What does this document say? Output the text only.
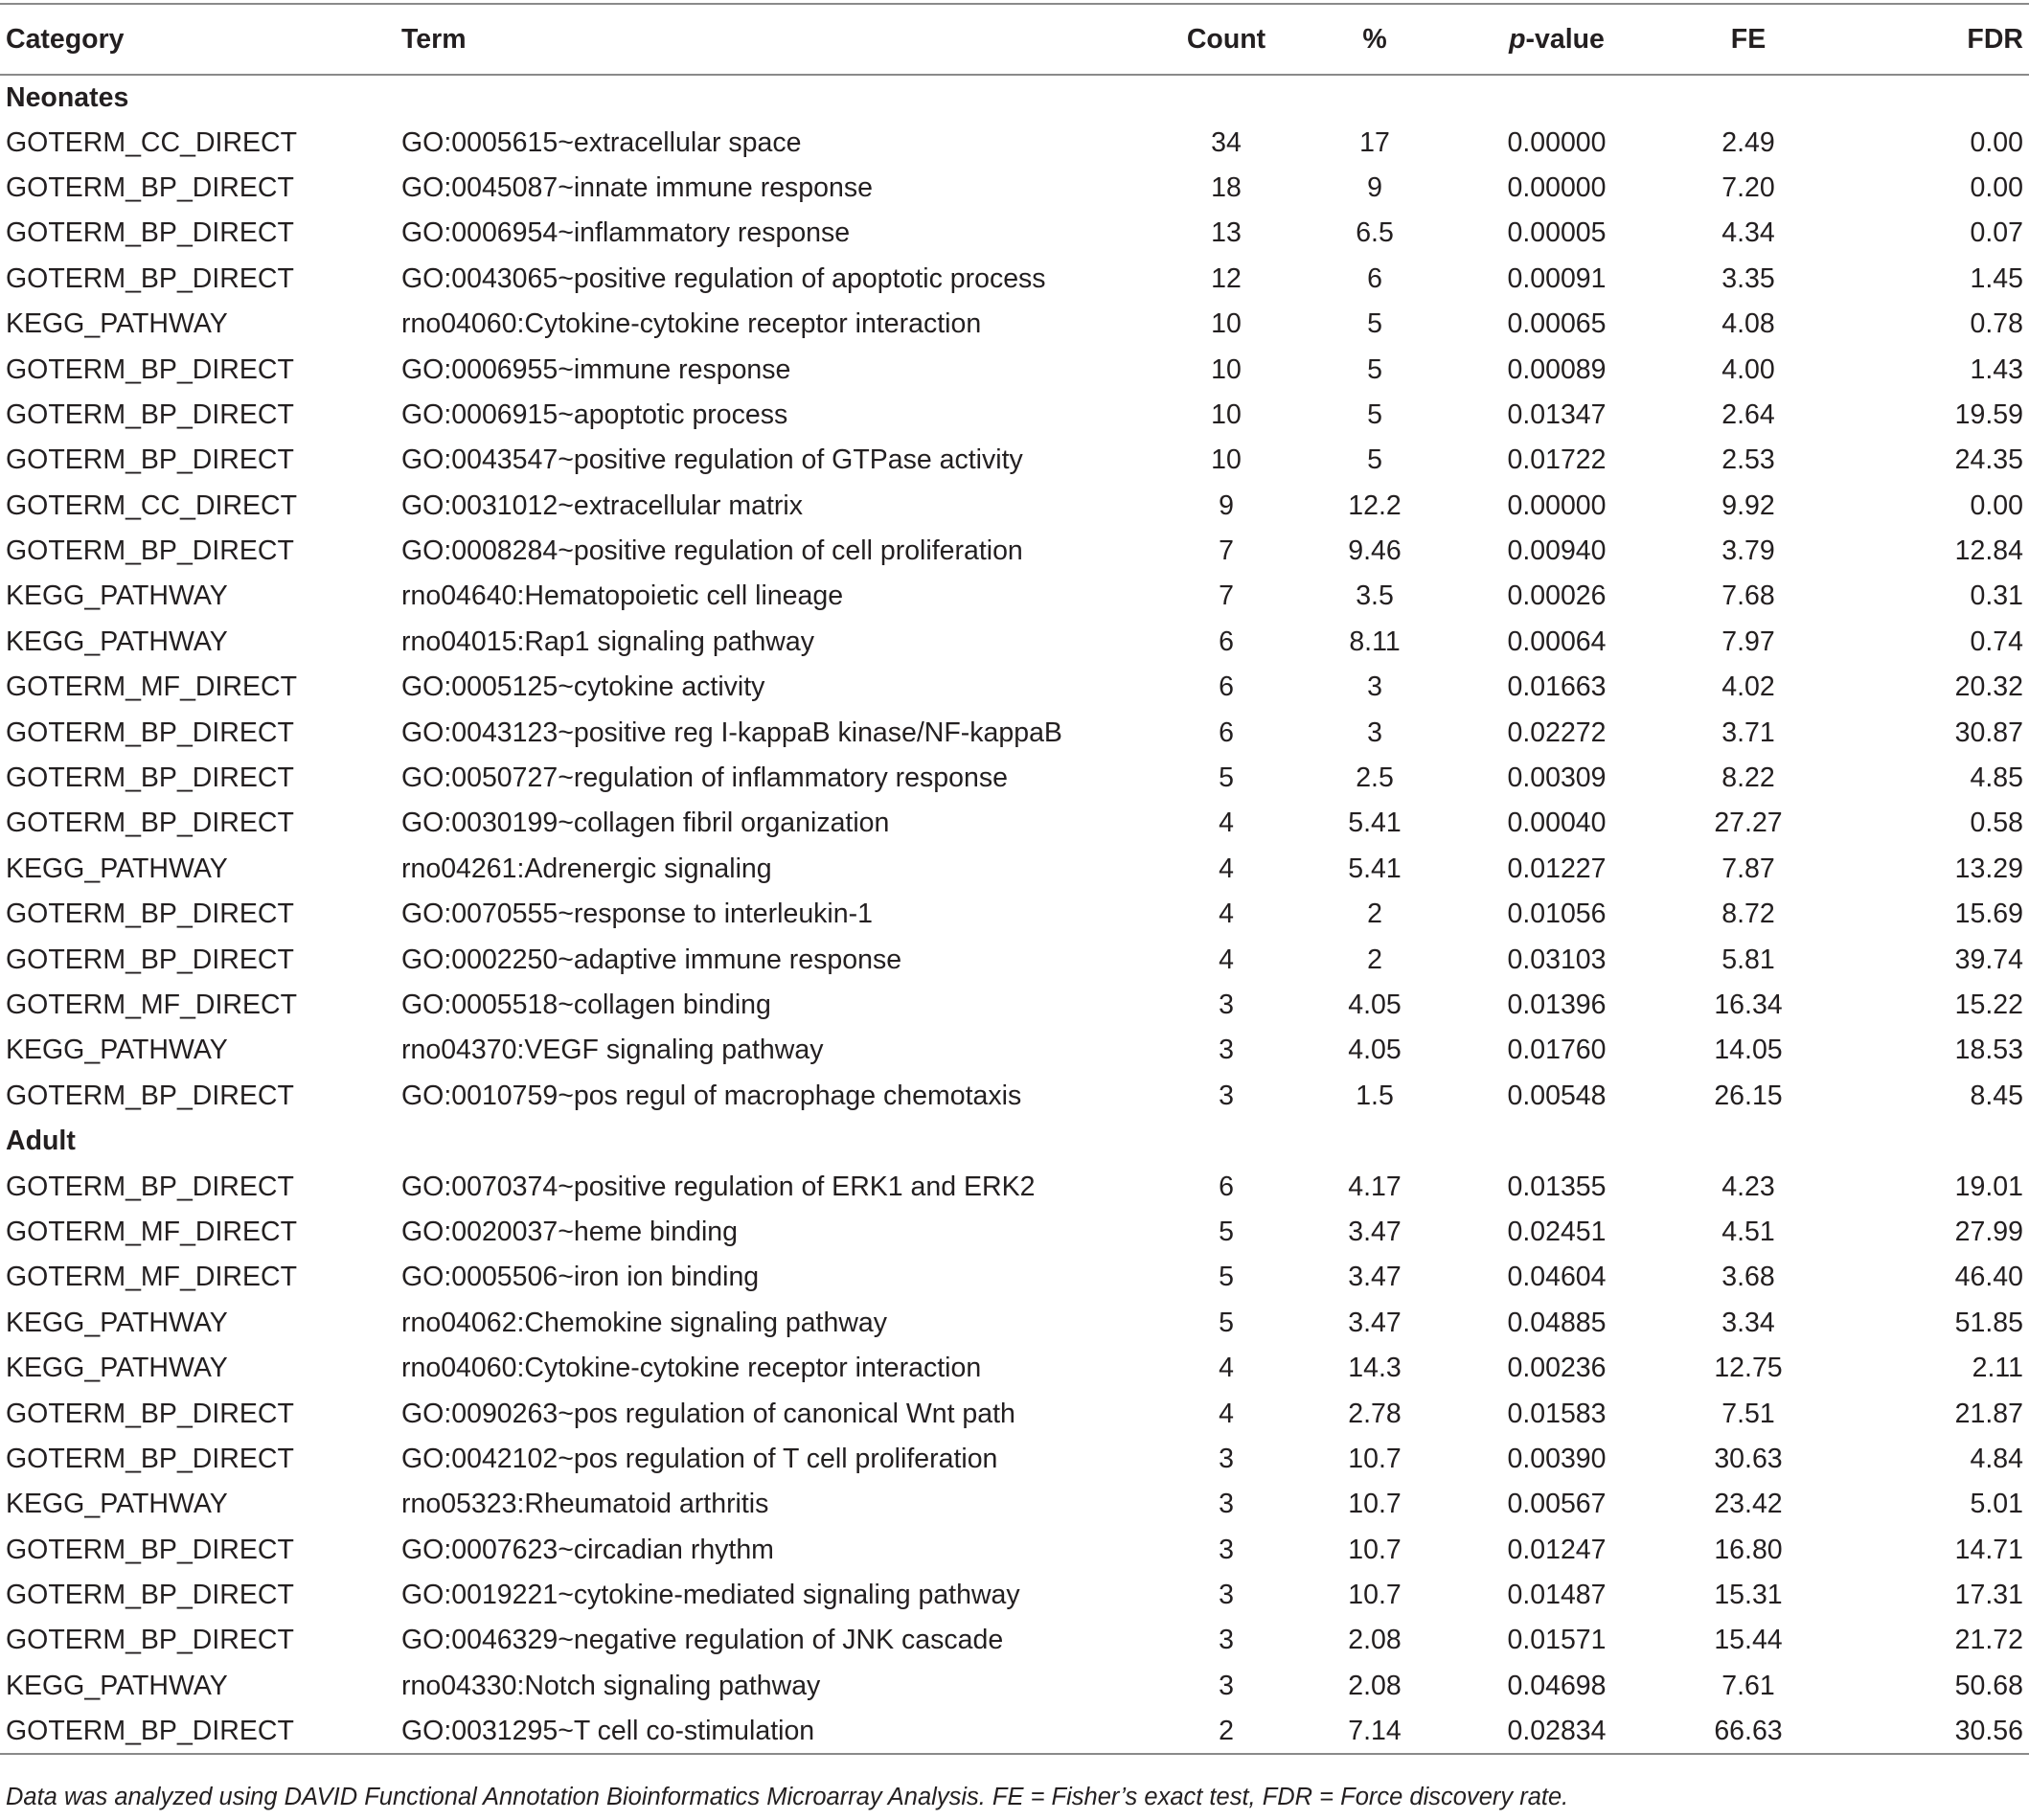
Category	Term	Count	%	p-value	FE	FDR
Neonates						
GOTERM_CC_DIRECT	GO:0005615~extracellular space	34	17	0.00000	2.49	0.00
GOTERM_BP_DIRECT	GO:0045087~innate immune response	18	9	0.00000	7.20	0.00
GOTERM_BP_DIRECT	GO:0006954~inflammatory response	13	6.5	0.00005	4.34	0.07
GOTERM_BP_DIRECT	GO:0043065~positive regulation of apoptotic process	12	6	0.00091	3.35	1.45
KEGG_PATHWAY	rno04060:Cytokine-cytokine receptor interaction	10	5	0.00065	4.08	0.78
GOTERM_BP_DIRECT	GO:0006955~immune response	10	5	0.00089	4.00	1.43
GOTERM_BP_DIRECT	GO:0006915~apoptotic process	10	5	0.01347	2.64	19.59
GOTERM_BP_DIRECT	GO:0043547~positive regulation of GTPase activity	10	5	0.01722	2.53	24.35
GOTERM_CC_DIRECT	GO:0031012~extracellular matrix	9	12.2	0.00000	9.92	0.00
GOTERM_BP_DIRECT	GO:0008284~positive regulation of cell proliferation	7	9.46	0.00940	3.79	12.84
KEGG_PATHWAY	rno04640:Hematopoietic cell lineage	7	3.5	0.00026	7.68	0.31
KEGG_PATHWAY	rno04015:Rap1 signaling pathway	6	8.11	0.00064	7.97	0.74
GOTERM_MF_DIRECT	GO:0005125~cytokine activity	6	3	0.01663	4.02	20.32
GOTERM_BP_DIRECT	GO:0043123~positive reg I-kappaB kinase/NF-kappaB	6	3	0.02272	3.71	30.87
GOTERM_BP_DIRECT	GO:0050727~regulation of inflammatory response	5	2.5	0.00309	8.22	4.85
GOTERM_BP_DIRECT	GO:0030199~collagen fibril organization	4	5.41	0.00040	27.27	0.58
KEGG_PATHWAY	rno04261:Adrenergic signaling	4	5.41	0.01227	7.87	13.29
GOTERM_BP_DIRECT	GO:0070555~response to interleukin-1	4	2	0.01056	8.72	15.69
GOTERM_BP_DIRECT	GO:0002250~adaptive immune response	4	2	0.03103	5.81	39.74
GOTERM_MF_DIRECT	GO:0005518~collagen binding	3	4.05	0.01396	16.34	15.22
KEGG_PATHWAY	rno04370:VEGF signaling pathway	3	4.05	0.01760	14.05	18.53
GOTERM_BP_DIRECT	GO:0010759~pos regul of macrophage chemotaxis	3	1.5	0.00548	26.15	8.45
Adult						
GOTERM_BP_DIRECT	GO:0070374~positive regulation of ERK1 and ERK2	6	4.17	0.01355	4.23	19.01
GOTERM_MF_DIRECT	GO:0020037~heme binding	5	3.47	0.02451	4.51	27.99
GOTERM_MF_DIRECT	GO:0005506~iron ion binding	5	3.47	0.04604	3.68	46.40
KEGG_PATHWAY	rno04062:Chemokine signaling pathway	5	3.47	0.04885	3.34	51.85
KEGG_PATHWAY	rno04060:Cytokine-cytokine receptor interaction	4	14.3	0.00236	12.75	2.11
GOTERM_BP_DIRECT	GO:0090263~pos regulation of canonical Wnt path	4	2.78	0.01583	7.51	21.87
GOTERM_BP_DIRECT	GO:0042102~pos regulation of T cell proliferation	3	10.7	0.00390	30.63	4.84
KEGG_PATHWAY	rno05323:Rheumatoid arthritis	3	10.7	0.00567	23.42	5.01
GOTERM_BP_DIRECT	GO:0007623~circadian rhythm	3	10.7	0.01247	16.80	14.71
GOTERM_BP_DIRECT	GO:0019221~cytokine-mediated signaling pathway	3	10.7	0.01487	15.31	17.31
GOTERM_BP_DIRECT	GO:0046329~negative regulation of JNK cascade	3	2.08	0.01571	15.44	21.72
KEGG_PATHWAY	rno04330:Notch signaling pathway	3	2.08	0.04698	7.61	50.68
GOTERM_BP_DIRECT	GO:0031295~T cell co-stimulation	2	7.14	0.02834	66.63	30.56
Data was analyzed using DAVID Functional Annotation Bioinformatics Microarray Analysis. FE = Fisher’s exact test, FDR = Force discovery rate.
